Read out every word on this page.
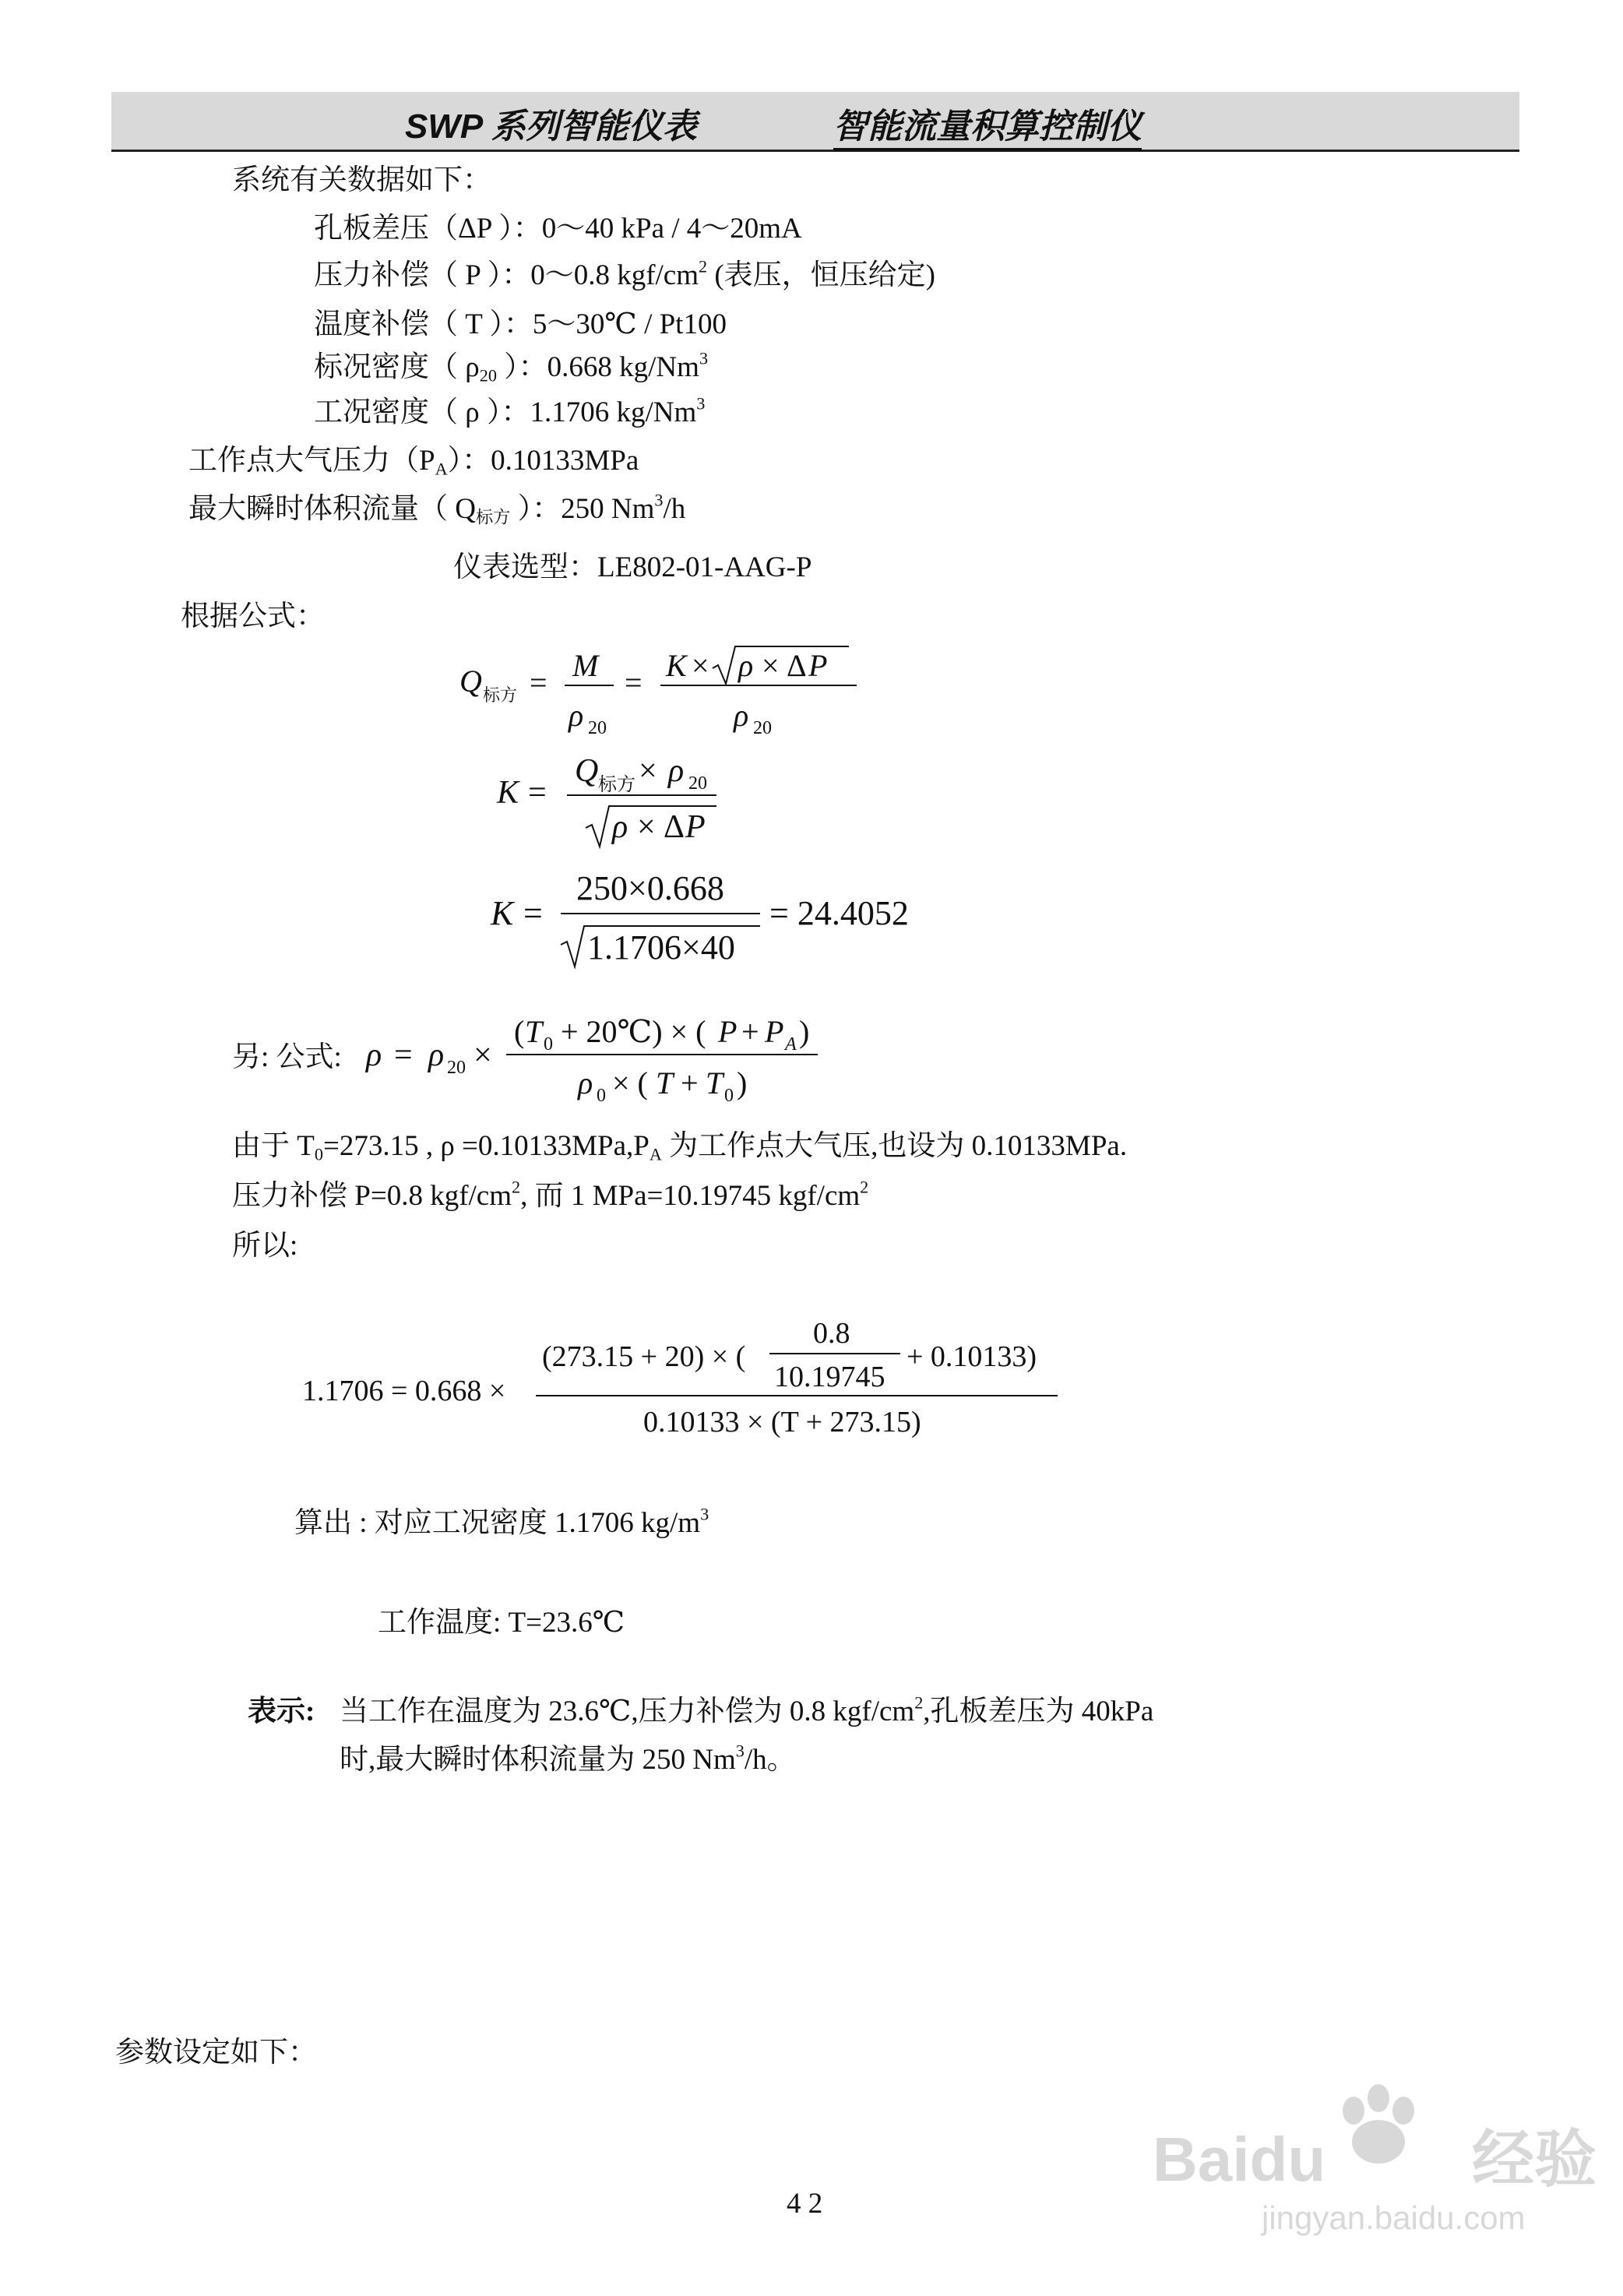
SWP 系列智能仪表	智能流量积算控制仪
系统有关数据如下：
孔板差压（ΔP ）：0～40 kPa / 4～20mA
压力补偿（ P ）：0～0.8 kgf/$cm^2$ (表压，恒压给定)
温度补偿（ T ）：5～30℃ / Pt100
标况密度（ $\rho_{20}$ ）：0.668 kg/Nm$^3$
工况密度（ ρ ）：1.1706 kg/Nm$^3$
工作点大气压力$(P_A)$：0.10133MPa
最大瞬时体积流量（ $Q_{标方}$ ）：250 Nm$^3$/h
仪表选型：LE802-01-AAG-P
根据公式：
Q 标方 = M
ρ 20
= K × ρ × Δ P
ρ 20
K =
Q 标方 × ρ 20
ρ × Δ P
K =
250×0.668
1.1706×40
= 24.4052
另: 公式: ρ = ρ 20 ×
( T 0 + 20℃) × ( P + P A )
ρ 0 × ( T + T 0 )
由于 $T_0=273.15$ , $\rho =0.10133MPa,P_A$ 为工作点大气压,也设为 0.10133MPa.
压力补偿 P=0.8 kgf/$cm^2$, 而 1 MPa=10.19745 kgf/$cm^2$
所以:
1.1706 = 0.668 ×
(273.15 + 20) × (
0.8
10.19745
+ 0.10133)
0.10133 × (T + 273.15)
算出 : 对应工况密度 1.1706 $kg/m^3$
工作温度: T=23.6℃
表示: 当工作在温度为 23.6℃,压力补偿为 0.8 kgf/$cm^2$,孔板差压为 40kPa
时,最大瞬时体积流量为 250 Nm$^3$/h。
参数设定如下：
Baidu 经验
jingyan.baidu.com
4 2
